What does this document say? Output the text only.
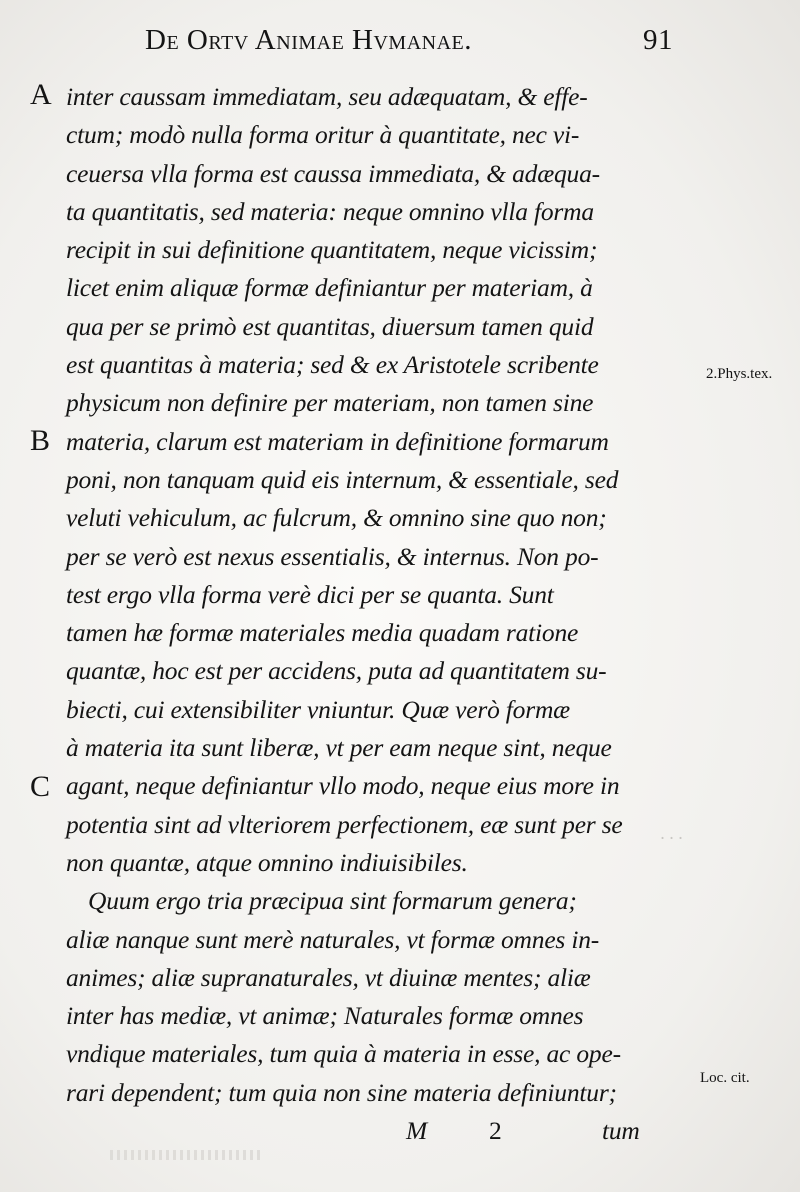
De Ortv Animae Hvmanae.	91
A
B
C
2.Phys.tex.
Loc. cit.
· · ·
inter caussam immediatam, seu adæquatam, & effe-
ctum; modò nulla forma oritur à quantitate, nec vi-
ceuersa vlla forma est caussa immediata, & adæqua-
ta quantitatis, sed materia: neque omnino vlla forma
recipit in sui definitione quantitatem, neque vicissim;
licet enim aliquæ formæ definiantur per materiam, à
qua per se primò est quantitas, diuersum tamen quid
est quantitas à materia; sed & ex Aristotele scribente
physicum non definire per materiam, non tamen sine
materia, clarum est materiam in definitione formarum
poni, non tanquam quid eis internum, & essentiale, sed
veluti vehiculum, ac fulcrum, & omnino sine quo non;
per se verò est nexus essentialis, & internus. Non po-
test ergo vlla forma verè dici per se quanta. Sunt
tamen hæ formæ materiales media quadam ratione
quantæ, hoc est per accidens, puta ad quantitatem su-
biecti, cui extensibiliter vniuntur. Quæ verò formæ
à materia ita sunt liberæ, vt per eam neque sint, neque
agant, neque definiantur vllo modo, neque eius more in
potentia sint ad vlteriorem perfectionem, eæ sunt per se
non quantæ, atque omnino indiuisibiles.
Quum ergo tria præcipua sint formarum genera;
aliæ nanque sunt merè naturales, vt formæ omnes in-
animes; aliæ supranaturales, vt diuinæ mentes; aliæ
inter has mediæ, vt animæ; Naturales formæ omnes
vndique materiales, tum quia à materia in esse, ac ope-
rari dependent; tum quia non sine materia definiuntur;
M 2	tum
